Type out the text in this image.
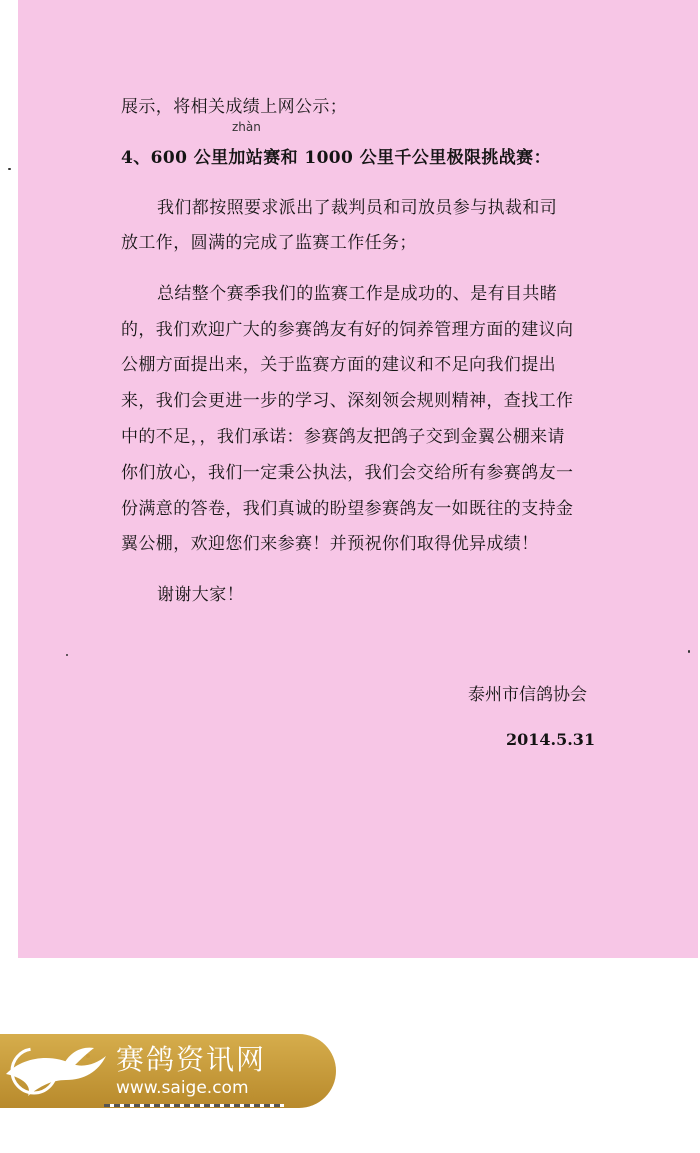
展示，将相关成绩上网公示；
zhàn
4、600 公里加站赛和 1000 公里千公里极限挑战赛：
我们都按照要求派出了裁判员和司放员参与执裁和司
放工作，圆满的完成了监赛工作任务；
总结整个赛季我们的监赛工作是成功的、是有目共睹
的，我们欢迎广大的参赛鸽友有好的饲养管理方面的建议向
公棚方面提出来，关于监赛方面的建议和不足向我们提出
来，我们会更进一步的学习、深刻领会规则精神，查找工作
中的不足，，我们承诺：参赛鸽友把鸽子交到金翼公棚来请
你们放心，我们一定秉公执法，我们会交给所有参赛鸽友一
份满意的答卷，我们真诚的盼望参赛鸽友一如既往的支持金
翼公棚，欢迎您们来参赛！并预祝你们取得优异成绩！
谢谢大家！
泰州市信鸽协会
2014.5.31
赛鸽资讯网
www.saige.com
